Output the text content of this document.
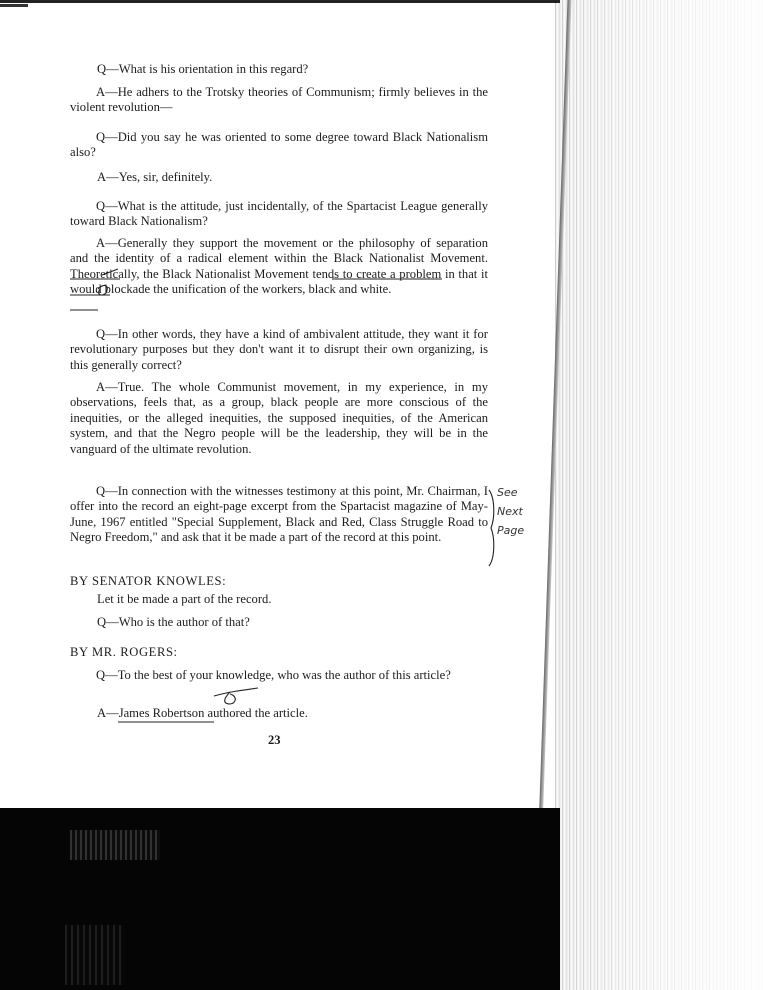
Q—What is his orientation in this regard?
A—He adhers to the Trotsky theories of Communism; firmly believes in the violent revolution—
Q—Did you say he was oriented to some degree toward Black Nationalism also?
A—Yes, sir, definitely.
Q—What is the attitude, just incidentally, of the Spartacist League generally toward Black Nationalism?
A—Generally they support the movement or the philosophy of separation and the identity of a radical element within the Black Nationalist Movement. Theoretically, the Black Nationalist Movement tends to create a problem in that it would blockade the unification of the workers, black and white.
Q—In other words, they have a kind of ambivalent attitude, they want it for revolutionary purposes but they don't want it to disrupt their own organizing, is this generally correct?
A—True. The whole Communist movement, in my experience, in my observations, feels that, as a group, black people are more conscious of the inequities, or the alleged inequities, the supposed inequities, of the American system, and that the Negro people will be the leadership, they will be in the vanguard of the ultimate revolution.
Q—In connection with the witnesses testimony at this point, Mr. Chairman, I offer into the record an eight-page excerpt from the Spartacist magazine of May-June, 1967 entitled "Special Supplement, Black and Red, Class Struggle Road to Negro Freedom," and ask that it be made a part of the record at this point.
BY SENATOR KNOWLES:
Let it be made a part of the record.
Q—Who is the author of that?
BY MR. ROGERS:
Q—To the best of your knowledge, who was the author of this article?
A—James Robertson authored the article.
23
See
Next
Page
